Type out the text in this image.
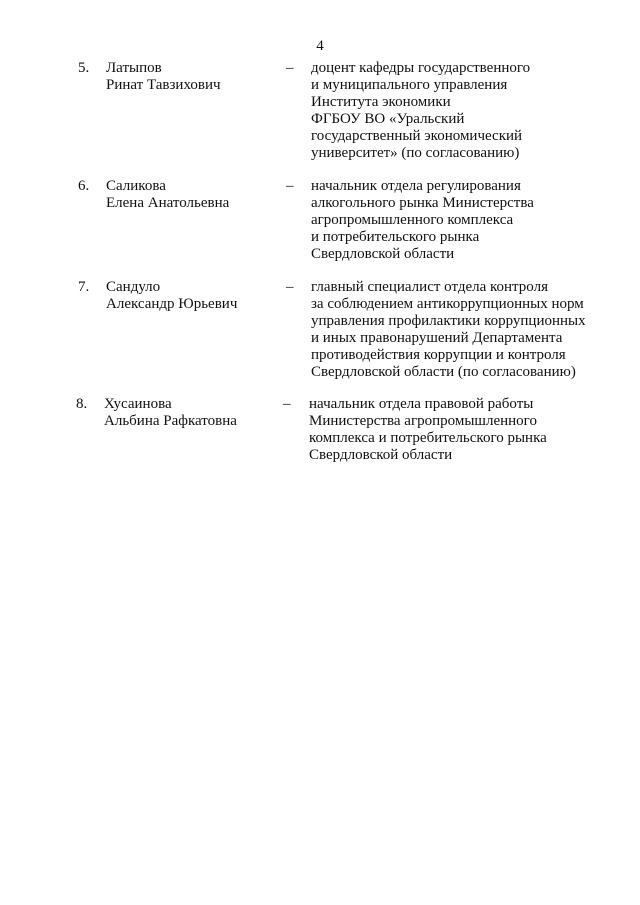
4
5. Латыпов
Ринат Тавзихович
– доцент кафедры государственного
и муниципального управления
Института экономики
ФГБОУ ВО «Уральский
государственный экономический
университет» (по согласованию)
6. Саликова
Елена Анатольевна
– начальник отдела регулирования
алкогольного рынка Министерства
агропромышленного комплекса
и потребительского рынка
Свердловской области
7. Сандуло
Александр Юрьевич
– главный специалист отдела контроля
за соблюдением антикоррупционных норм
управления профилактики коррупционных
и иных правонарушений Департамента
противодействия коррупции и контроля
Свердловской области (по согласованию)
8. Хусаинова
Альбина Рафкатовна
– начальник отдела правовой работы
Министерства агропромышленного
комплекса и потребительского рынка
Свердловской области
